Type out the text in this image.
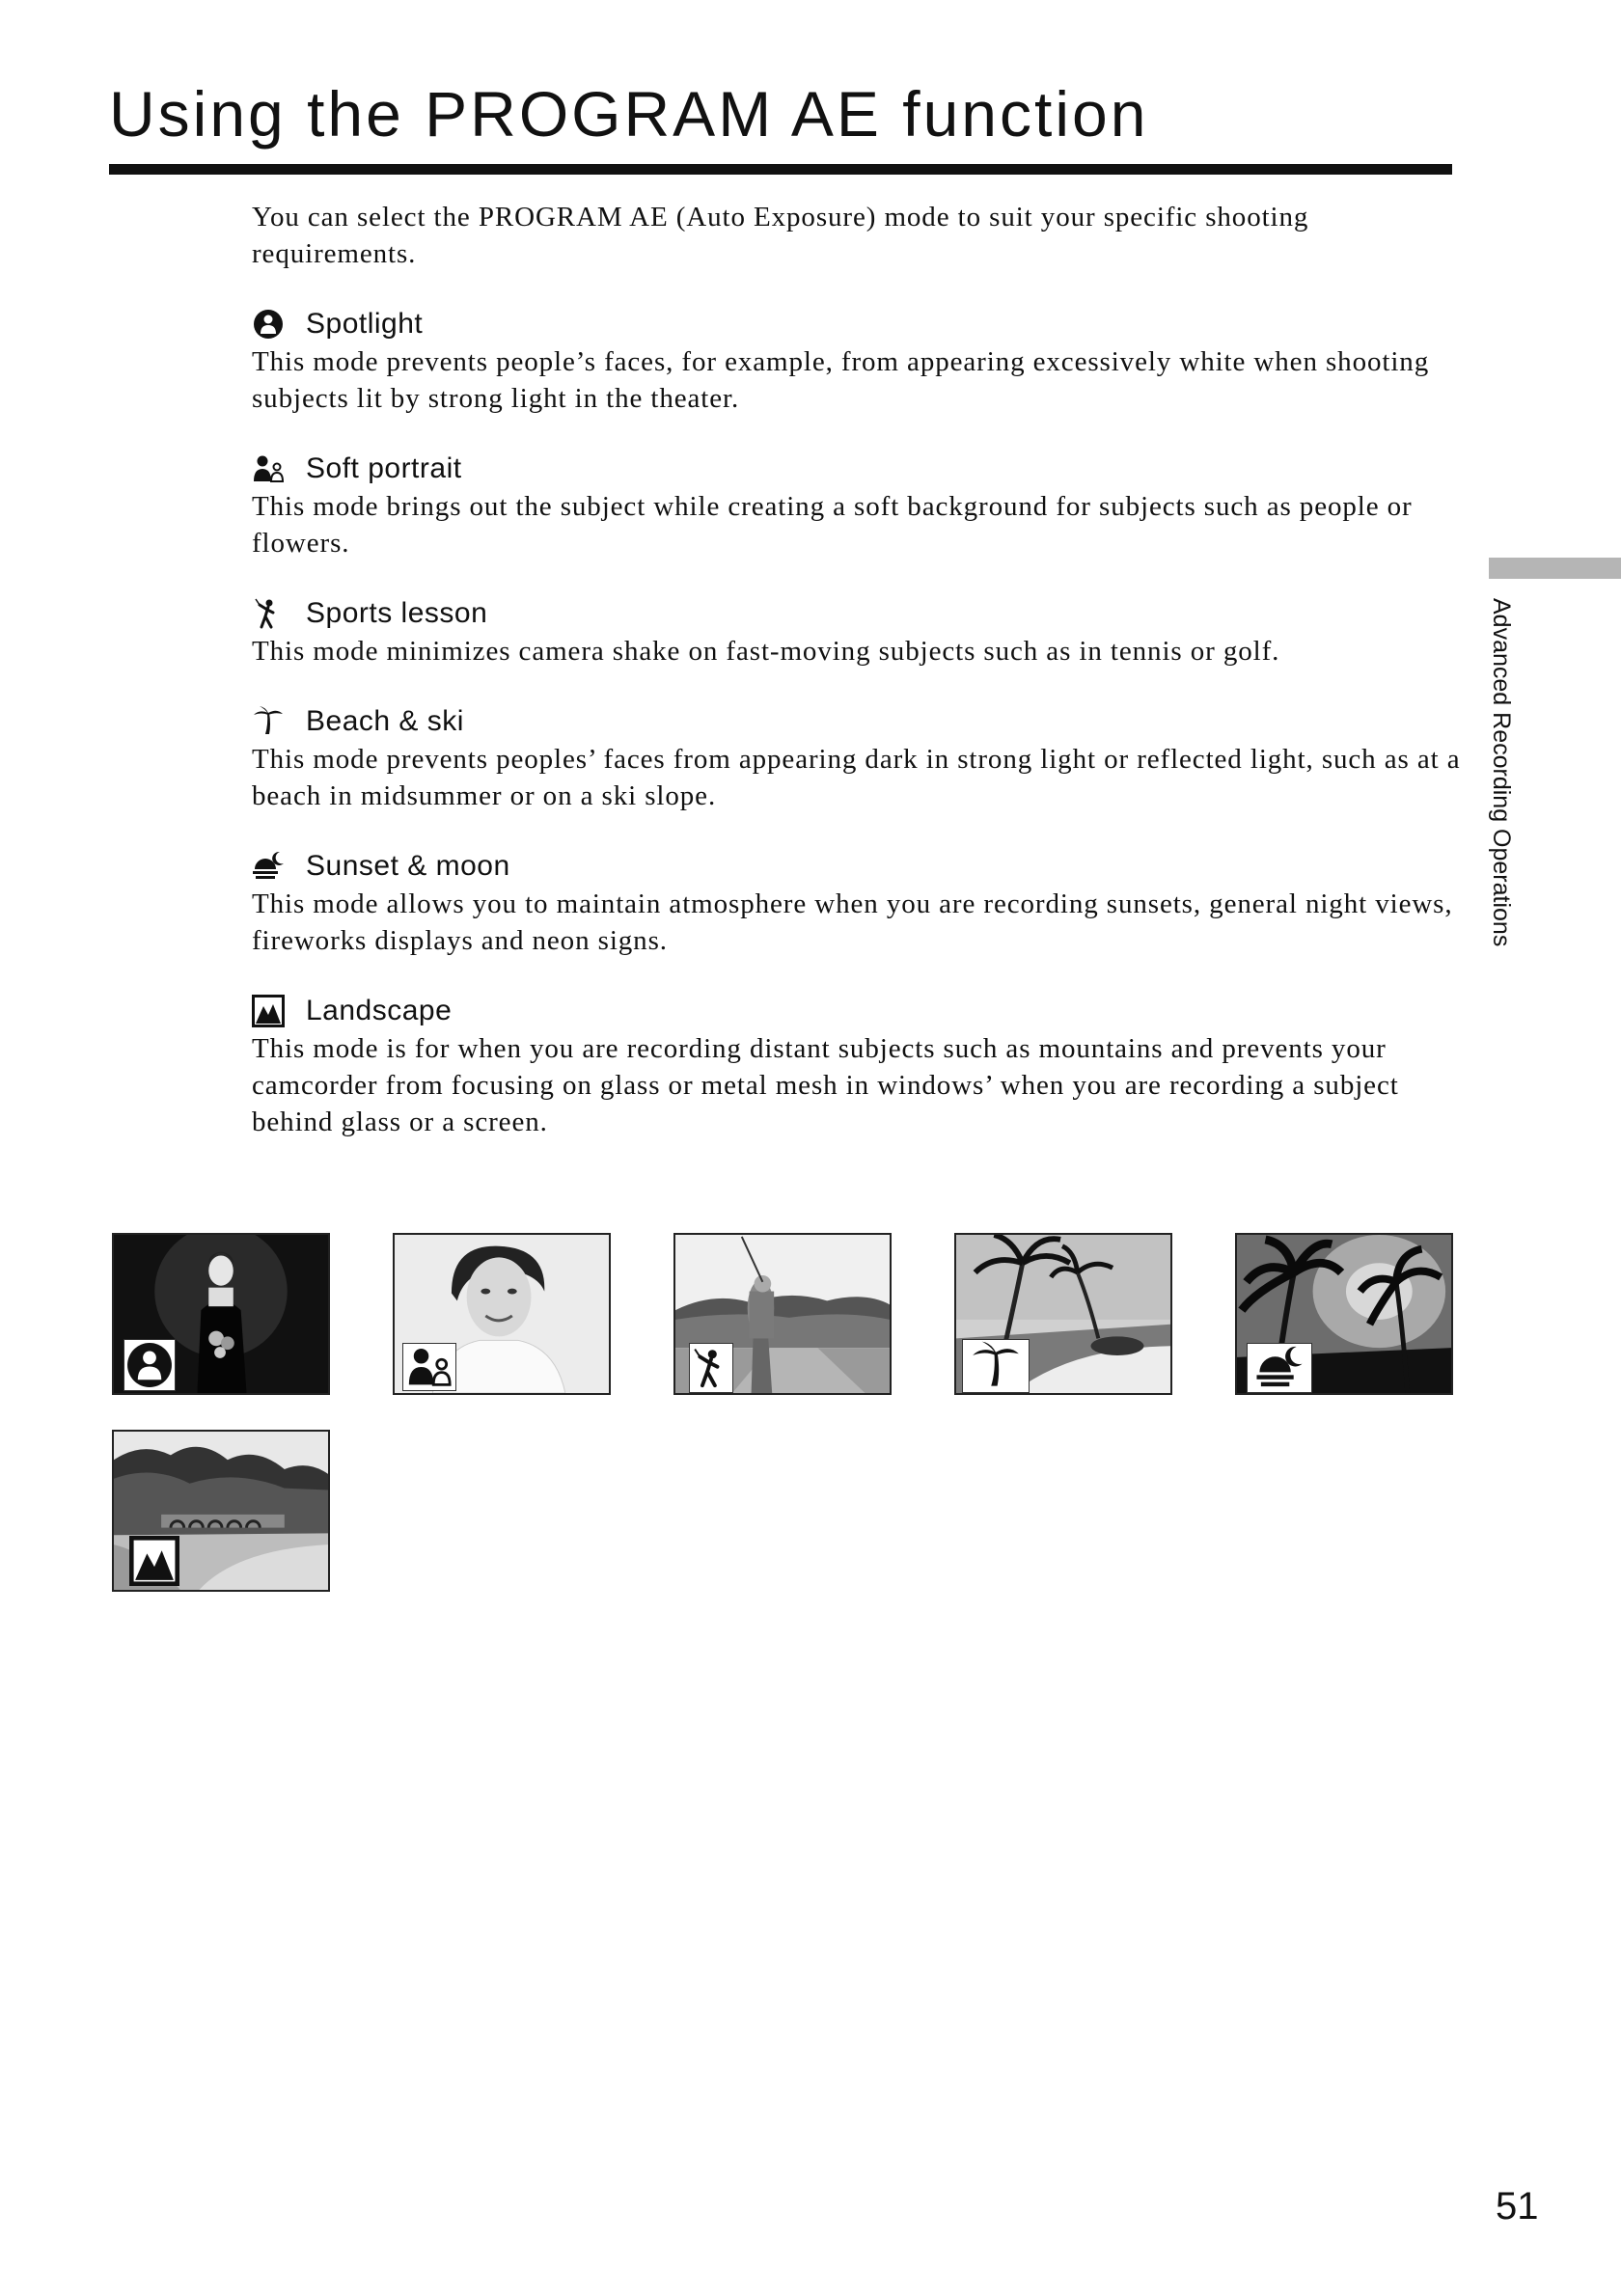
Using the PROGRAM AE function

You can select the PROGRAM AE (Auto Exposure) mode to suit your specific shooting requirements.

Spotlight

This mode prevents people’s faces, for example, from appearing excessively white when shooting subjects lit by strong light in the theater.

Soft portrait

This mode brings out the subject while creating a soft background for subjects such as people or flowers.

Sports lesson

This mode minimizes camera shake on fast-moving subjects such as in tennis or golf.

Beach & ski

This mode prevents peoples’ faces from appearing dark in strong light or reflected light, such as at a beach in midsummer or on a ski slope.

Sunset & moon

This mode allows you to maintain atmosphere when you are recording sunsets, general night views, fireworks displays and neon signs.

Landscape

This mode is for when you are recording distant subjects such as mountains and prevents your camcorder from focusing on glass or metal mesh in windows’ when you are recording a subject behind glass or a screen.

Advanced Recording Operations
51
